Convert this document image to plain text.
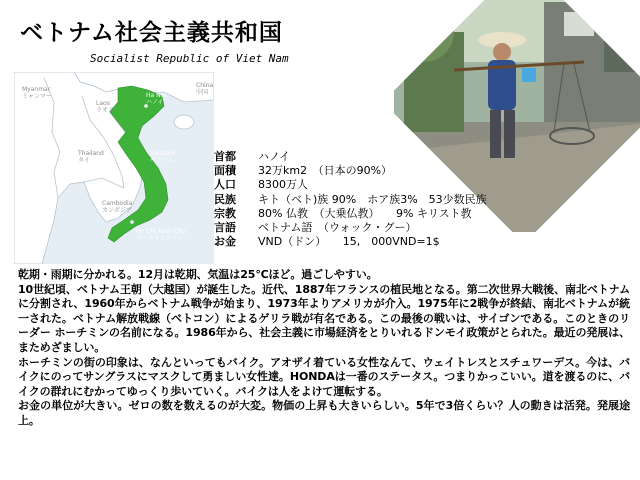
ベトナム社会主義共和国
Socialist Republic of Viet Nam
Myanmar
ミャンマー
China
中国
Laos
ラオス
Ha Noi
ハノイ
Thailand
タイ
Vietnam
ベトナム
Cambodia
カンボジア
Ho Chi Minh City
ホーチミンシティ
首都	ハノイ
面積	32万km2　（日本の90%）
人口	8300万人
民族	キト（ベト)族 90%　ホア族3%　53少数民族
宗教	80% 仏教　（大乗仏教）　　9% キリスト教
言語	ベトナム語　（ウォック・グー）
お金	VND（ドン）　　15,　000VND=1$

乾期・雨期に分かれる。12月は乾期、気温は25℃ほど。過ごしやすい。

10世紀頃、ベトナム王朝（大越国）が誕生した。近代、1887年フランスの植民地となる。第二次世界大戦後、南北ベトナムに分割され、1960年からベトナム戦争が始まり、1973年よりアメリカが介入。1975年に2戦争が終結、南北ベトナムが統一された。ベトナム解放戦線（ベトコン）によるゲリラ戦が有名である。この最後の戦いは、サイゴンである。このときのリーダー ホーチミンの名前になる。1986年から、社会主義に市場経済をとりいれるドンモイ政策がとられた。最近の発展は、まためざましい。

ホーチミンの街の印象は、なんといってもバイク。アオザイ着ている女性なんて、ウェイトレスとスチュワーデス。今は、バイクにのってサングラスにマスクして勇ましい女性達。HONDAは一番のステータス。つまりかっこいい。道を渡るのに、バイクの群れにむかってゆっくり歩いていく。バイクは人をよけて運転する。

お金の単位が大きい。ゼロの数を数えるのが大変。物価の上昇も大きいらしい。5年で3倍くらい？人の動きは活発。発展途上。
